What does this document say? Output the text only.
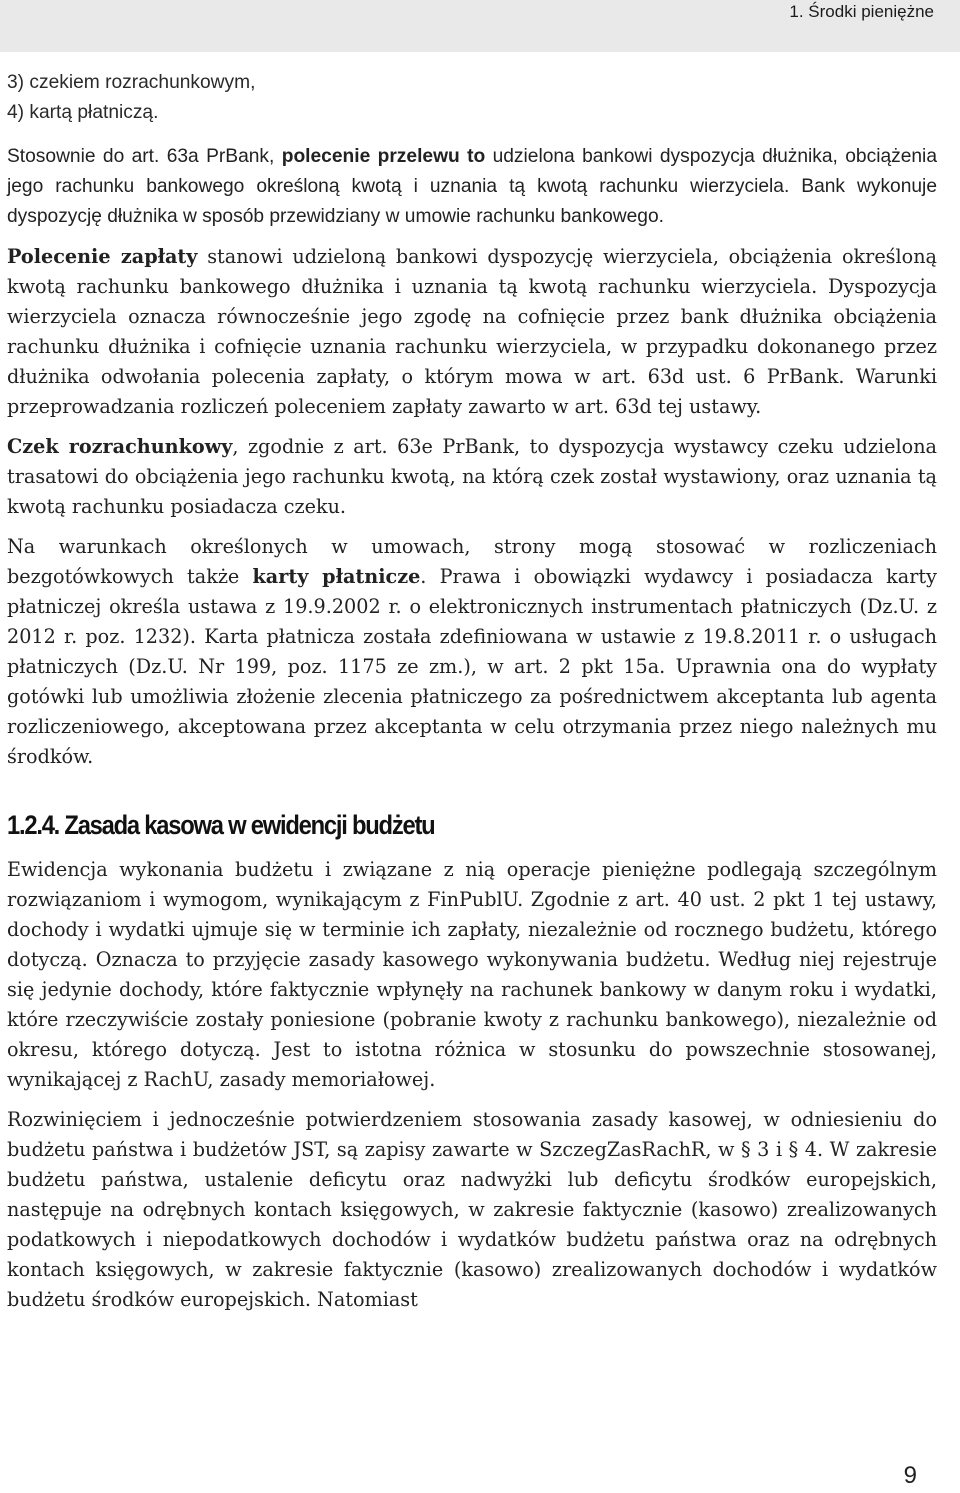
1. Środki pieniężne
3) czekiem rozrachunkowym,
4) kartą płatniczą.

Stosownie do art. 63a PrBank, polecenie przelewu to udzielona bankowi dyspozycja dłużnika, obciążenia jego rachunku bankowego określoną kwotą i uznania tą kwotą rachunku wierzyciela. Bank wykonuje dyspozycję dłużnika w sposób przewidziany w umowie rachunku bankowego.

Polecenie zapłaty stanowi udzieloną bankowi dyspozycję wierzyciela, obciążenia określoną kwotą rachunku bankowego dłużnika i uznania tą kwotą rachunku wierzyciela. Dyspozycja wierzyciela oznacza równocześnie jego zgodę na cofnięcie przez bank dłużnika obciążenia rachunku dłużnika i cofnięcie uznania rachunku wierzyciela, w przypadku dokonanego przez dłużnika odwołania polecenia zapłaty, o którym mowa w art. 63d ust. 6 PrBank. Warunki przeprowadzania rozliczeń poleceniem zapłaty zawarto w art. 63d tej ustawy.

Czek rozrachunkowy, zgodnie z art. 63e PrBank, to dyspozycja wystawcy czeku udzielona trasatowi do obciążenia jego rachunku kwotą, na którą czek został wystawiony, oraz uznania tą kwotą rachunku posiadacza czeku.

Na warunkach określonych w umowach, strony mogą stosować w rozliczeniach bezgotówkowych także karty płatnicze. Prawa i obowiązki wydawcy i posiadacza karty płatniczej określa ustawa z 19.9.2002 r. o elektronicznych instrumentach płatniczych (Dz.U. z 2012 r. poz. 1232). Karta płatnicza została zdefiniowana w ustawie z 19.8.2011 r. o usługach płatniczych (Dz.U. Nr 199, poz. 1175 ze zm.), w art. 2 pkt 15a. Uprawnia ona do wypłaty gotówki lub umożliwia złożenie zlecenia płatniczego za pośrednictwem akceptanta lub agenta rozliczeniowego, akceptowana przez akceptanta w celu otrzymania przez niego należnych mu środków.

1.2.4. Zasada kasowa w ewidencji budżetu

Ewidencja wykonania budżetu i związane z nią operacje pieniężne podlegają szczególnym rozwiązaniom i wymogom, wynikającym z FinPublU. Zgodnie z art. 40 ust. 2 pkt 1 tej ustawy, dochody i wydatki ujmuje się w terminie ich zapłaty, niezależnie od rocznego budżetu, którego dotyczą. Oznacza to przyjęcie zasady kasowego wykonywania budżetu. Według niej rejestruje się jedynie dochody, które faktycznie wpłynęły na rachunek bankowy w danym roku i wydatki, które rzeczywiście zostały poniesione (pobranie kwoty z rachunku bankowego), niezależnie od okresu, którego dotyczą. Jest to istotna różnica w stosunku do powszechnie stosowanej, wynikającej z RachU, zasady memoriałowej.

Rozwinięciem i jednocześnie potwierdzeniem stosowania zasady kasowej, w odniesieniu do budżetu państwa i budżetów JST, są zapisy zawarte w SzczegZasRachR, w § 3 i § 4. W zakresie budżetu państwa, ustalenie deficytu oraz nadwyżki lub deficytu środków europejskich, następuje na odrębnych kontach księgowych, w zakresie faktycznie (kasowo) zrealizowanych podatkowych i niepodatkowych dochodów i wydatków budżetu państwa oraz na odrębnych kontach księgowych, w zakresie faktycznie (kasowo) zrealizowanych dochodów i wydatków budżetu środków europejskich. Natomiast

9
